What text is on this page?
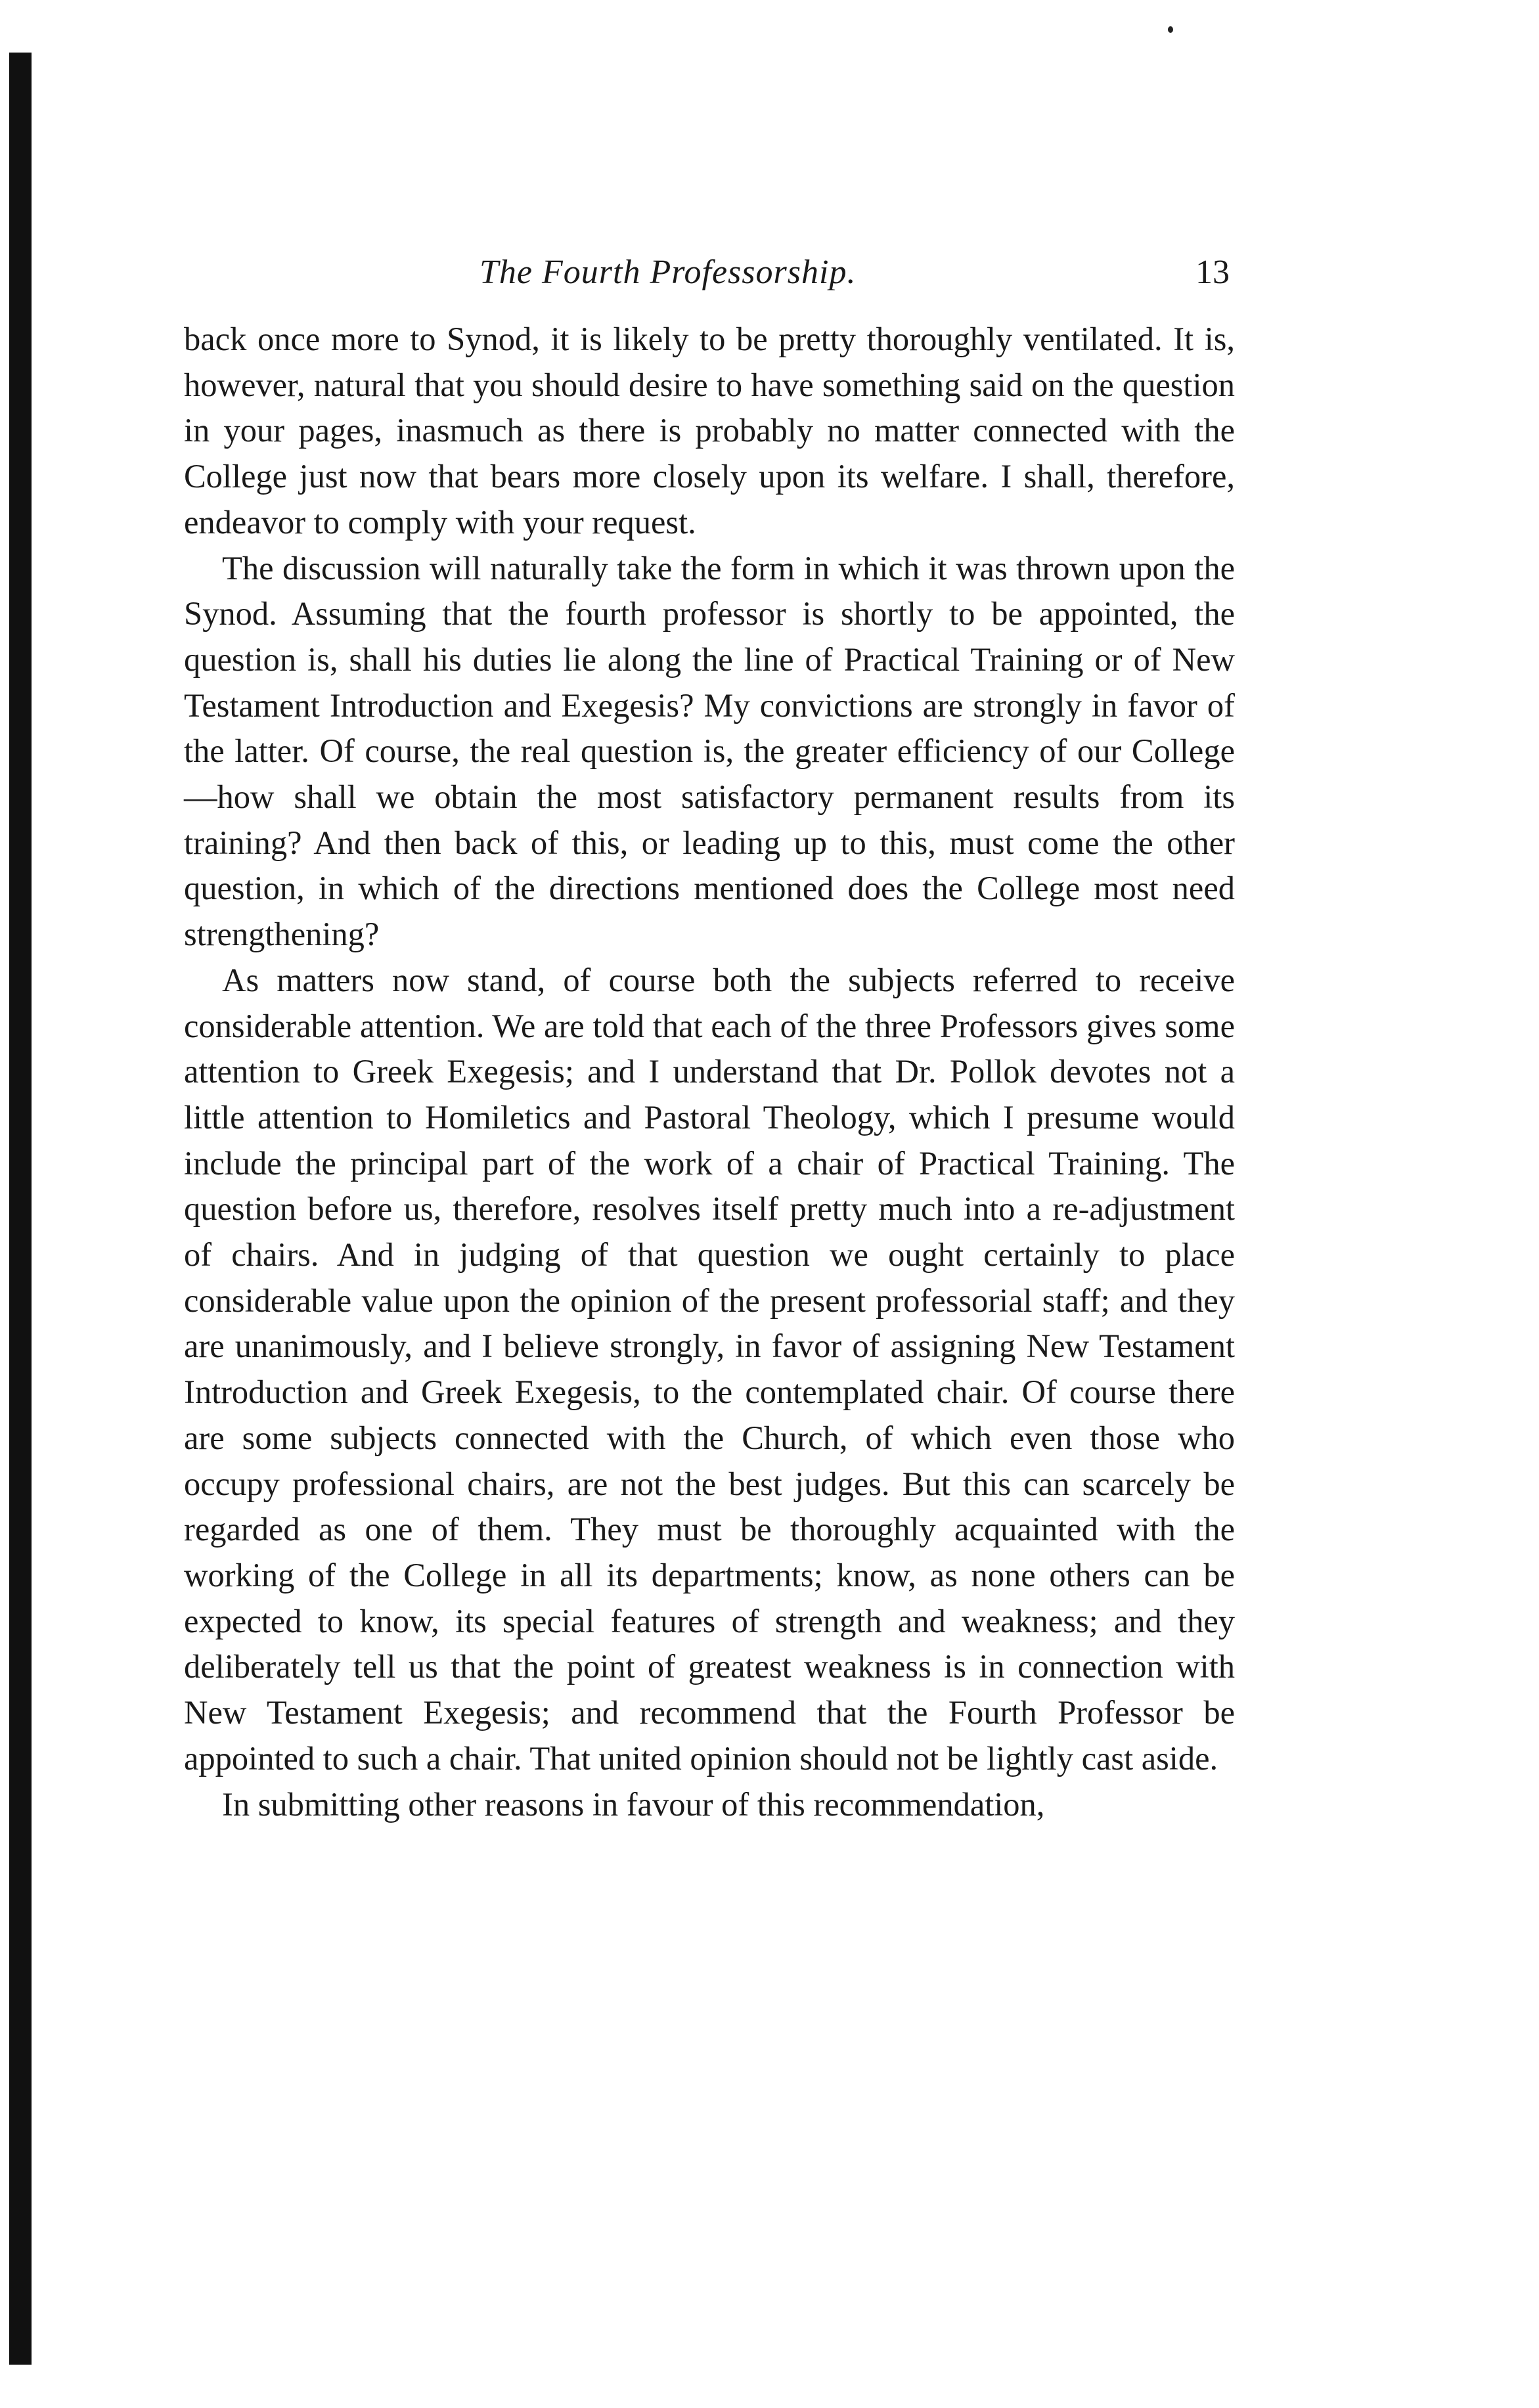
The Fourth Professorship.	13

back once more to Synod, it is likely to be pretty thoroughly ventilated. It is, however, natural that you should desire to have something said on the question in your pages, inasmuch as there is probably no matter connected with the College just now that bears more closely upon its welfare. I shall, therefore, endeavor to comply with your request.

The discussion will naturally take the form in which it was thrown upon the Synod. Assuming that the fourth professor is shortly to be appointed, the question is, shall his duties lie along the line of Practical Training or of New Testament Introduction and Exegesis? My convictions are strongly in favor of the latter. Of course, the real question is, the greater efficiency of our College—how shall we obtain the most satisfactory permanent results from its training? And then back of this, or leading up to this, must come the other question, in which of the directions mentioned does the College most need strengthening?

As matters now stand, of course both the subjects referred to receive considerable attention. We are told that each of the three Professors gives some attention to Greek Exegesis; and I understand that Dr. Pollok devotes not a little attention to Homiletics and Pastoral Theology, which I presume would include the principal part of the work of a chair of Practical Training. The question before us, therefore, resolves itself pretty much into a re-adjustment of chairs. And in judging of that question we ought certainly to place considerable value upon the opinion of the present professorial staff; and they are unanimously, and I believe strongly, in favor of assigning New Testament Introduction and Greek Exegesis, to the contemplated chair. Of course there are some subjects connected with the Church, of which even those who occupy professional chairs, are not the best judges. But this can scarcely be regarded as one of them. They must be thoroughly acquainted with the working of the College in all its departments; know, as none others can be expected to know, its special features of strength and weakness; and they deliberately tell us that the point of greatest weakness is in connection with New Testament Exegesis; and recommend that the Fourth Professor be appointed to such a chair. That united opinion should not be lightly cast aside.

In submitting other reasons in favour of this recommendation,
